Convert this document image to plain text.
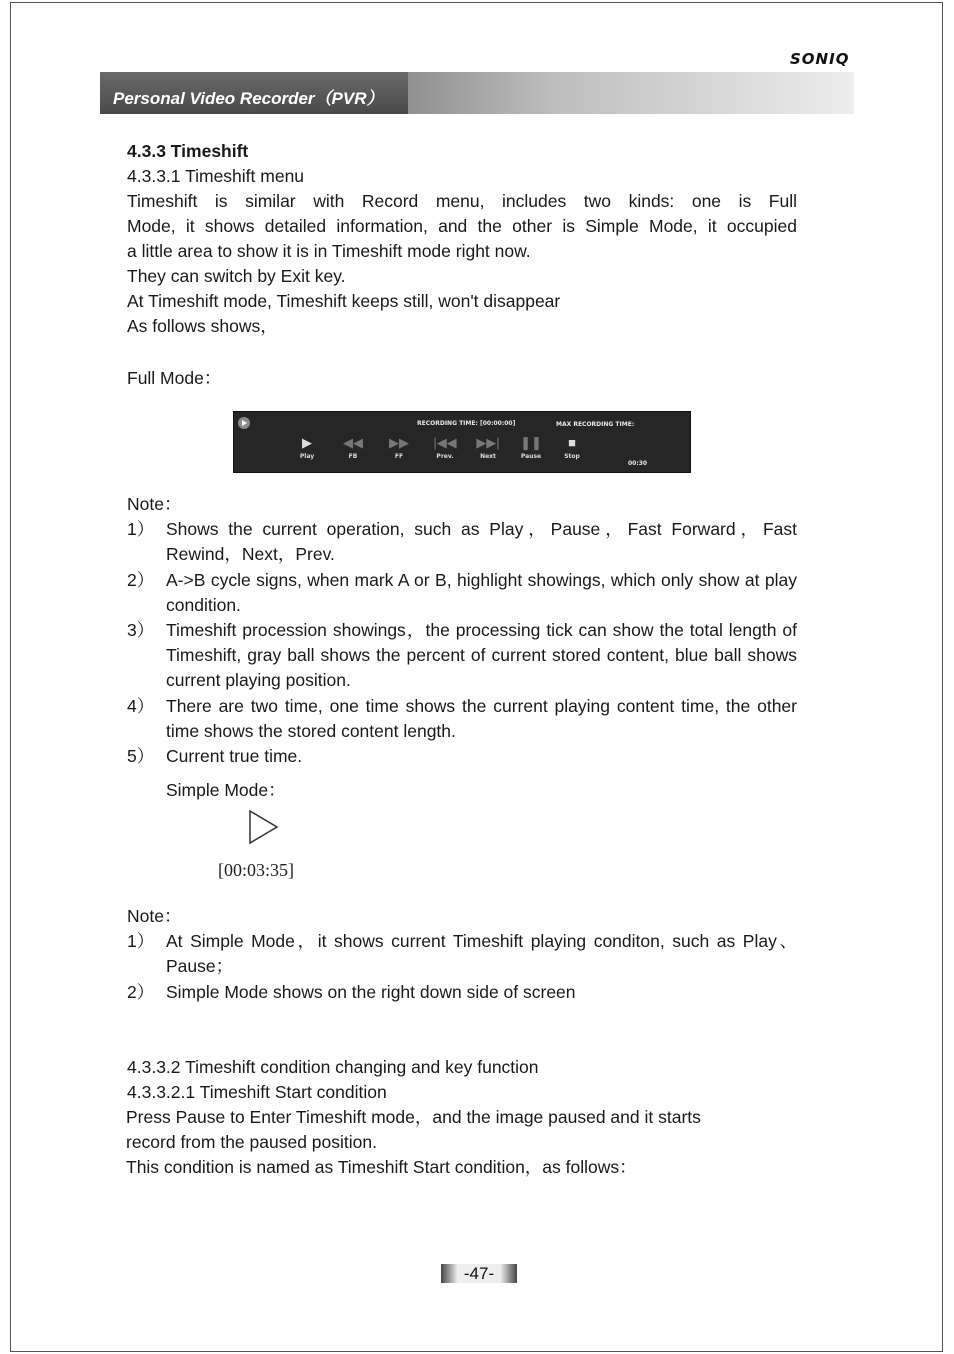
SONIQ
Personal Video Recorder（PVR）
4.3.3 Timeshift
4.3.3.1 Timeshift menu
Timeshift is similar with Record menu, includes two kinds: one is Full
Mode, it shows detailed information, and the other is Simple Mode, it occupied
a little area to show it is in Timeshift mode right now.
They can switch by Exit key.
At Timeshift mode, Timeshift keeps still, won't disappear
As follows shows，
Full Mode：
RECORDING TIME: [00:00:00]	MAX RECORDING TIME:
00:30
▶
Play
◀◀
FB
▶▶
FF
|◀◀
Prev.
▶▶|
Next
❚❚
Pause
■
Stop
Note：
1） Shows the current operation, such as Play，Pause，Fast Forward，Fast Rewind，Next，Prev.
2） A->B cycle signs, when mark A or B, highlight showings, which only show at play condition.
3） Timeshift procession showings，the processing tick can show the total length of Timeshift, gray ball shows the percent of current stored content, blue ball shows current playing position.
4） There are two time, one time shows the current playing content time, the other time shows the stored content length.
5） Current true time.
Simple Mode：
[00:03:35]
Note：
1） At Simple Mode，it shows current Timeshift playing conditon, such as Play、Pause；
2） Simple Mode shows on the right down side of screen
4.3.3.2 Timeshift condition changing and key function
4.3.3.2.1 Timeshift Start condition
Press Pause to Enter Timeshift mode，and the image paused and it starts
record from the paused position.
This condition is named as Timeshift Start condition，as follows：
-47-
